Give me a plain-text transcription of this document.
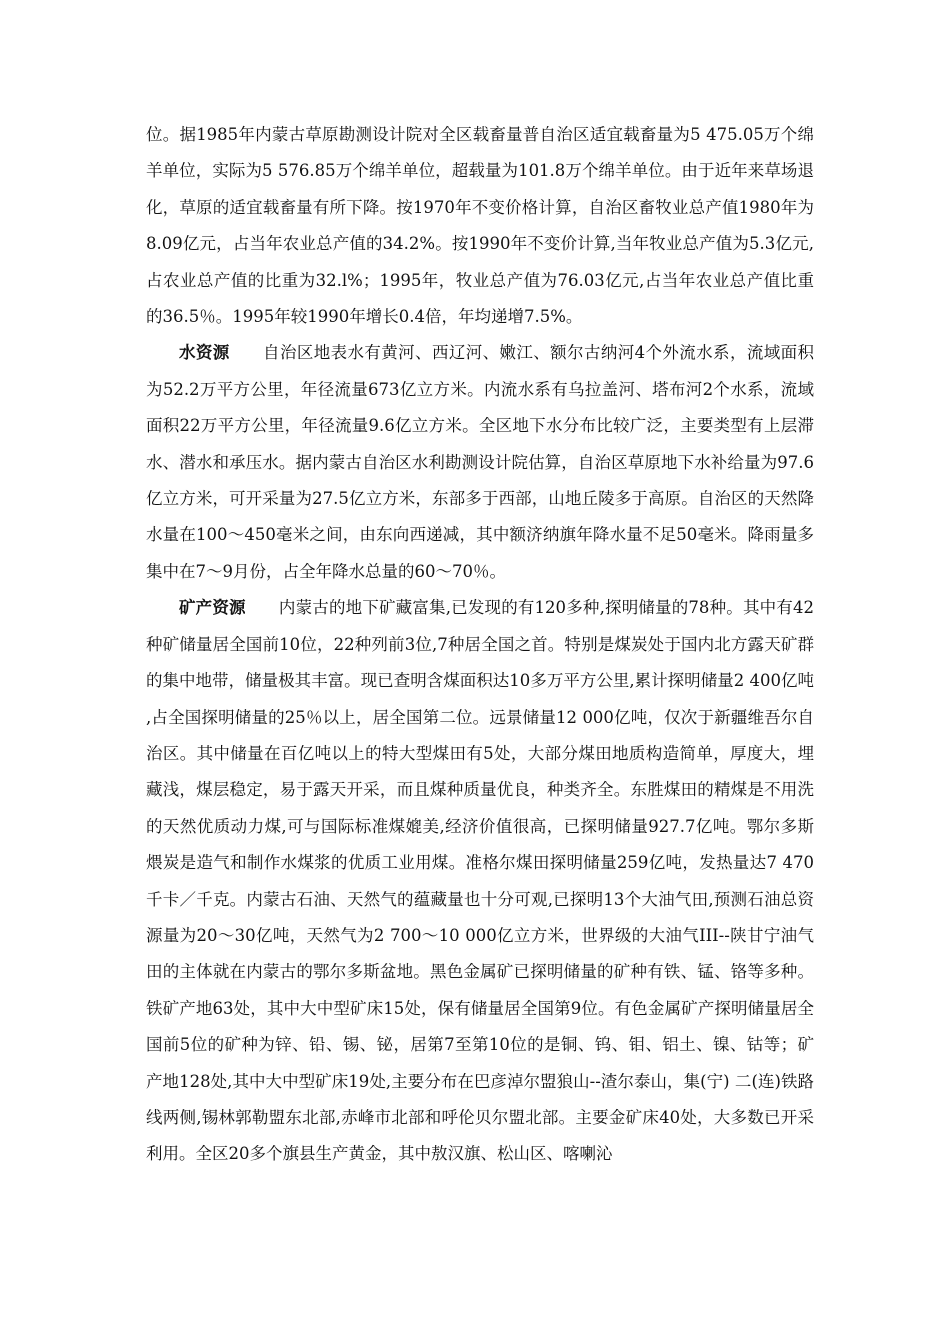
位。据1985年内蒙古草原勘测设计院对全区载畜量普自治区适宜载畜量为5 475.05万个绵羊单位，实际为5 576.85万个绵羊单位，超载量为101.8万个绵羊单位。由于近年来草场退化，草原的适宜载畜量有所下降。按1970年不变价格计算，自治区畜牧业总产值1980年为8.09亿元，占当年农业总产值的34.2%。按1990年不变价计算,当年牧业总产值为5.3亿元,占农业总产值的比重为32.l%；1995年，牧业总产值为76.03亿元,占当年农业总产值比重的36.5％。1995年较1990年增长0.4倍，年均递增7.5%。

水资源 自治区地表水有黄河、西辽河、嫩江、额尔古纳河4个外流水系，流域面积为52.2万平方公里，年径流量673亿立方米。内流水系有乌拉盖河、塔布河2个水系，流域面积22万平方公里，年径流量9.6亿立方米。全区地下水分布比较广泛，主要类型有上层滞水、潜水和承压水。据内蒙古自治区水利勘测设计院估算，自治区草原地下水补给量为97.6亿立方米，可开采量为27.5亿立方米，东部多于西部，山地丘陵多于高原。自治区的天然降水量在100～450毫米之间，由东向西递减，其中额济纳旗年降水量不足50毫米。降雨量多集中在7～9月份，占全年降水总量的60～70％。

矿产资源 内蒙古的地下矿藏富集,已发现的有120多种,探明储量的78种。其中有42种矿储量居全国前10位，22种列前3位,7种居全国之首。特别是煤炭处于国内北方露天矿群的集中地带，储量极其丰富。现已查明含煤面积达10多万平方公里,累计探明储量2 400亿吨,占全国探明储量的25％以上，居全国第二位。远景储量12 000亿吨，仅次于新疆维吾尔自治区。其中储量在百亿吨以上的特大型煤田有5处，大部分煤田地质构造简单，厚度大，埋藏浅，煤层稳定，易于露天开采，而且煤种质量优良，种类齐全。东胜煤田的精煤是不用洗的天然优质动力煤,可与国际标准煤媲美,经济价值很高，已探明储量927.7亿吨。鄂尔多斯煨炭是造气和制作水煤浆的优质工业用煤。准格尔煤田探明储量259亿吨，发热量达7 470千卡／千克。内蒙古石油、天然气的蕴藏量也十分可观,已探明13个大油气田,预测石油总资源量为20～30亿吨，天然气为2 700～10 000亿立方米，世界级的大油气III--陕甘宁油气田的主体就在内蒙古的鄂尔多斯盆地。黑色金属矿已探明储量的矿种有铁、锰、铬等多种。铁矿产地63处，其中大中型矿床15处，保有储量居全国第9位。有色金属矿产探明储量居全国前5位的矿种为锌、铅、锡、铋，居第7至第10位的是铜、钨、钼、铝土、镍、钴等；矿产地128处,其中大中型矿床19处,主要分布在巴彦淖尔盟狼山--渣尔泰山，集(宁) 二(连)铁路线两侧,锡林郭勒盟东北部,赤峰市北部和呼伦贝尔盟北部。主要金矿床40处，大多数已开采利用。全区20多个旗县生产黄金，其中敖汉旗、松山区、喀喇沁
